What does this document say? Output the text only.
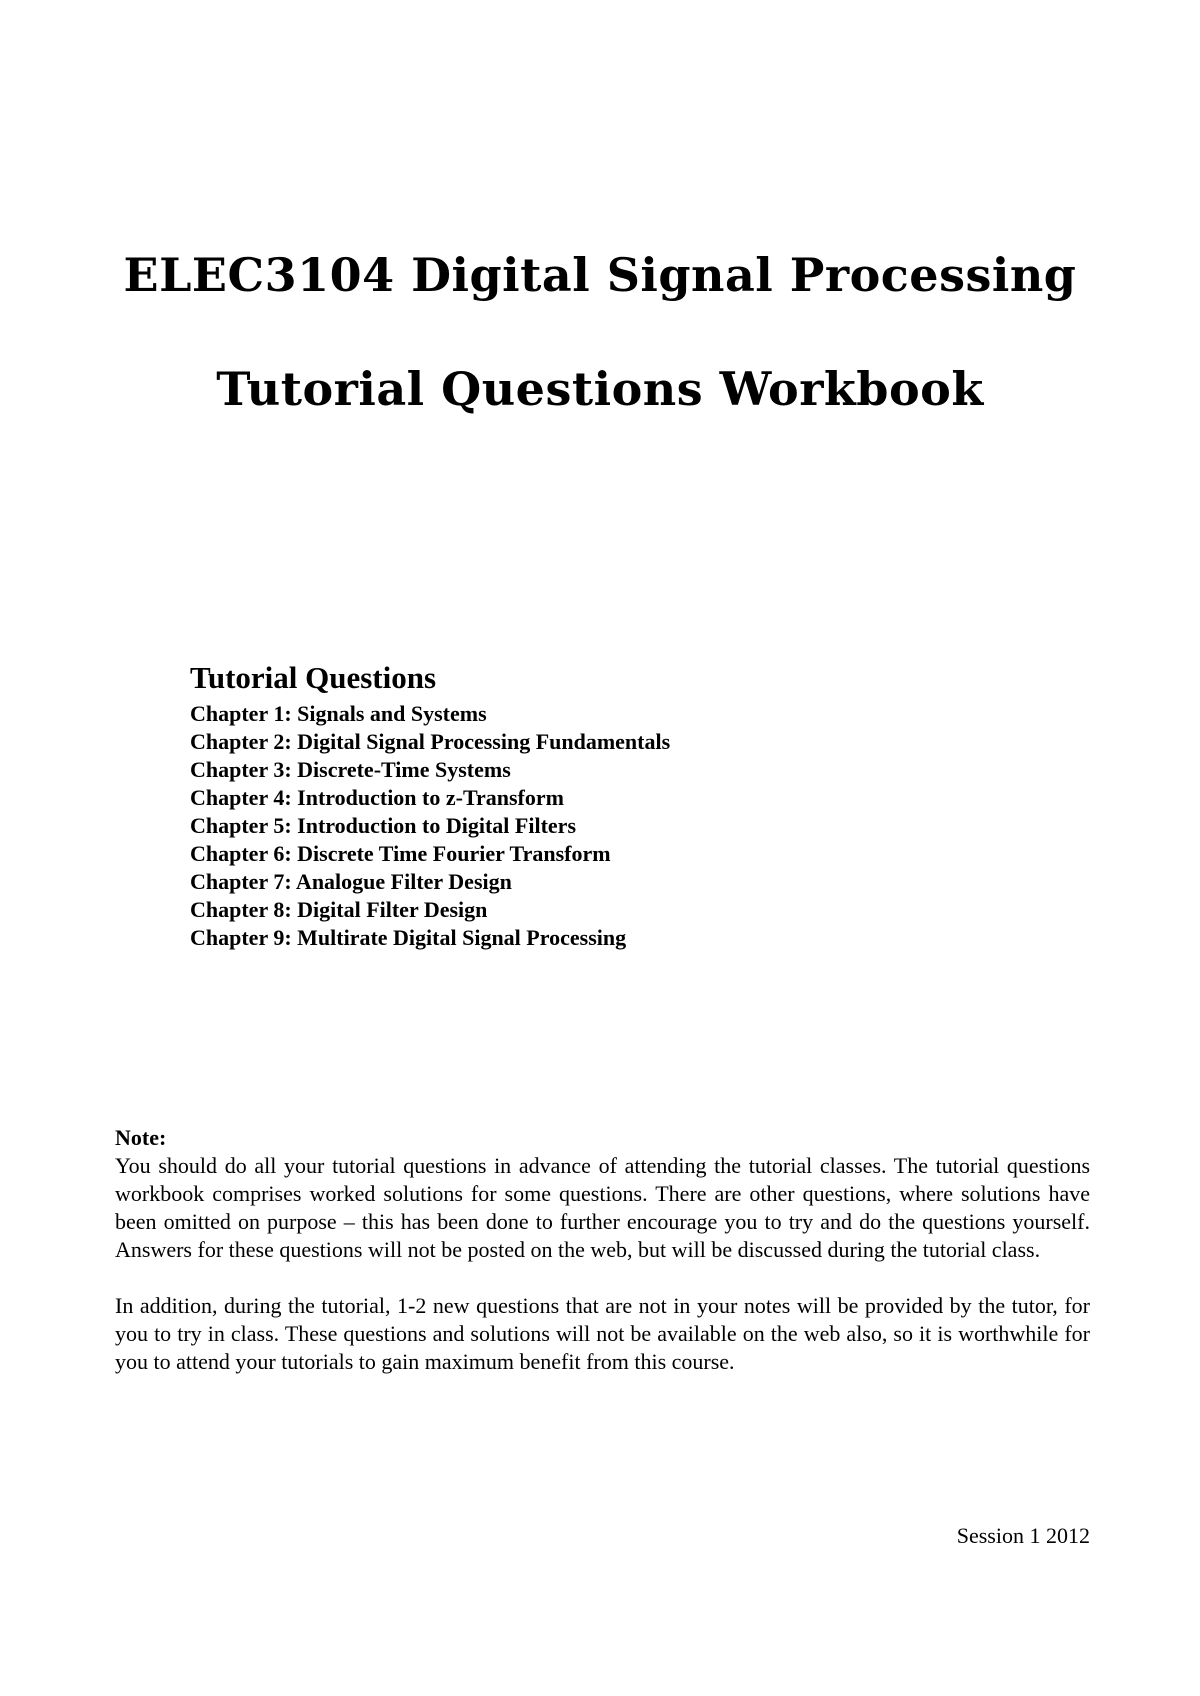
ELEC3104 Digital Signal Processing
Tutorial Questions Workbook
Tutorial Questions
Chapter 1: Signals and Systems
Chapter 2: Digital Signal Processing Fundamentals
Chapter 3: Discrete-Time Systems
Chapter 4: Introduction to z-Transform
Chapter 5: Introduction to Digital Filters
Chapter 6: Discrete Time Fourier Transform
Chapter 7: Analogue Filter Design
Chapter 8: Digital Filter Design
Chapter 9: Multirate Digital Signal Processing

Note:

You should do all your tutorial questions in advance of attending the tutorial classes. The tutorial questions workbook comprises worked solutions for some questions. There are other questions, where solutions have been omitted on purpose – this has been done to further encourage you to try and do the questions yourself. Answers for these questions will not be posted on the web, but will be discussed during the tutorial class.

In addition, during the tutorial, 1-2 new questions that are not in your notes will be provided by the tutor, for you to try in class. These questions and solutions will not be available on the web also, so it is worthwhile for you to attend your tutorials to gain maximum benefit from this course.

Session 1 2012
